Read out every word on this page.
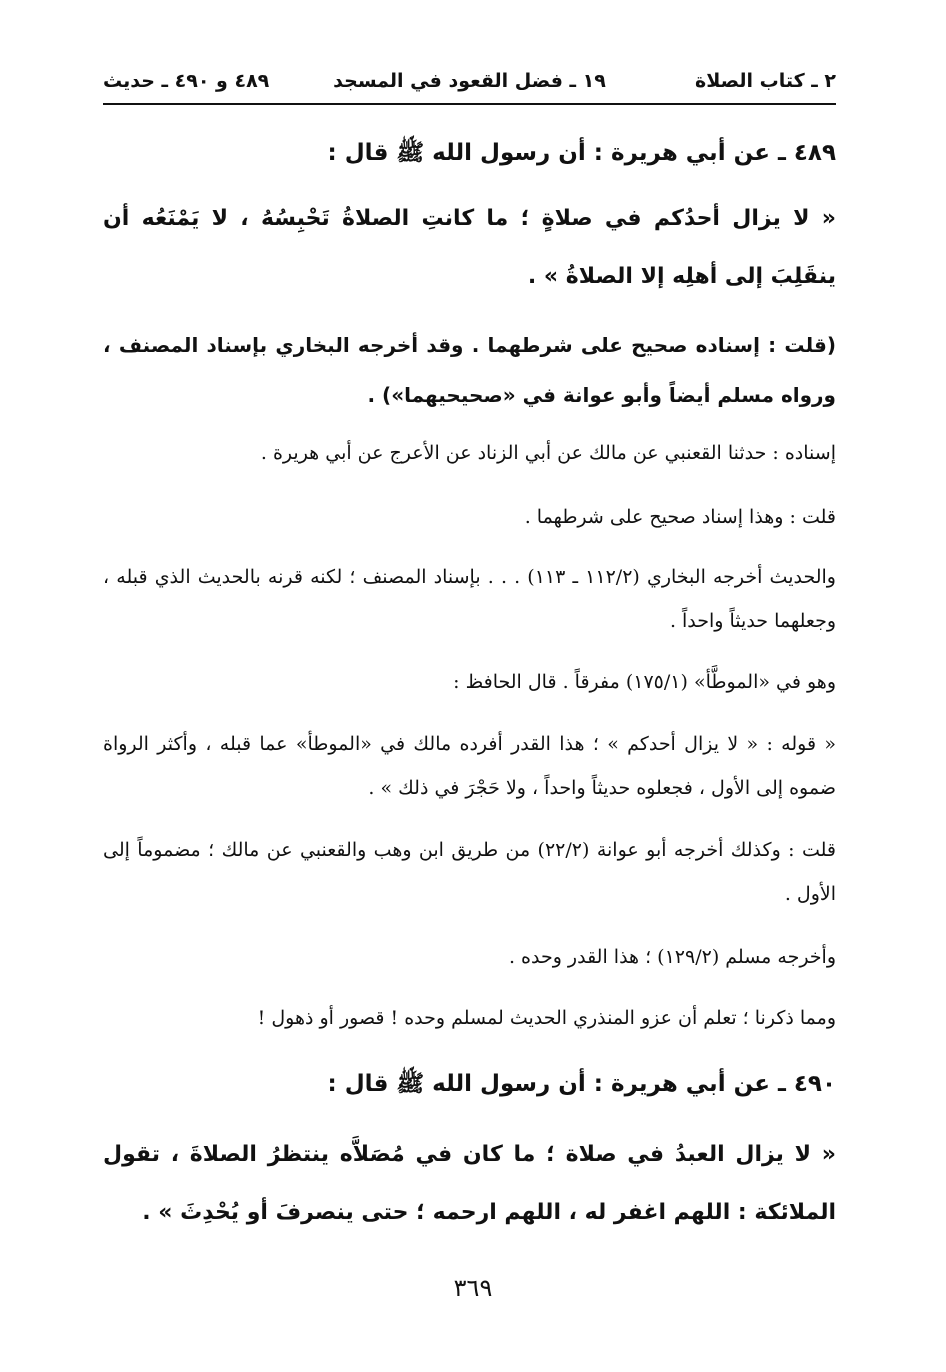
٢ ـ كتاب الصلاة
١٩ ـ فضل القعود في المسجد
٤٨٩ و ٤٩٠ ـ حديث
٤٨٩ ـ عن أبي هريرة : أن رسول الله ﷺ قال :
« لا يزال أحدُكم في صلاةٍ ؛ ما كانتِ الصلاةُ تَحْبِسُهُ ، لا يَمْنَعُه أن ينقَلِبَ إلى أهلِه إلا الصلاةُ » .
(قلت : إسناده صحيح على شرطهما . وقد أخرجه البخاري بإسناد المصنف ، ورواه مسلم أيضاً وأبو عوانة في «صحيحيهما») .
إسناده : حدثنا القعنبي عن مالك عن أبي الزناد عن الأعرج عن أبي هريرة .
قلت : وهذا إسناد صحيح على شرطهما .
والحديث أخرجه البخاري (١١٢/٢ ـ ١١٣) . . . بإسناد المصنف ؛ لكنه قرنه بالحديث الذي قبله ، وجعلهما حديثاً واحداً .
وهو في «الموطَّأ» (١٧٥/١) مفرقاً . قال الحافظ :
« قوله : « لا يزال أحدكم » ؛ هذا القدر أفرده مالك في «الموطأ» عما قبله ، وأكثر الرواة ضموه إلى الأول ، فجعلوه حديثاً واحداً ، ولا حَجْرَ في ذلك » .
قلت : وكذلك أخرجه أبو عوانة (٢٢/٢) من طريق ابن وهب والقعنبي عن مالك ؛ مضموماً إلى الأول .
وأخرجه مسلم (١٢٩/٢) ؛ هذا القدر وحده .
ومما ذكرنا ؛ تعلم أن عزو المنذري الحديث لمسلم وحده ! قصور أو ذهول !
٤٩٠ ـ عن أبي هريرة : أن رسول الله ﷺ قال :
« لا يزال العبدُ في صلاة ؛ ما كان في مُصَلاَّه ينتظرُ الصلاةَ ، تقول الملائكة : اللهم اغفر له ، اللهم ارحمه ؛ حتى ينصرفَ أو يُحْدِثَ » .
٣٦٩
